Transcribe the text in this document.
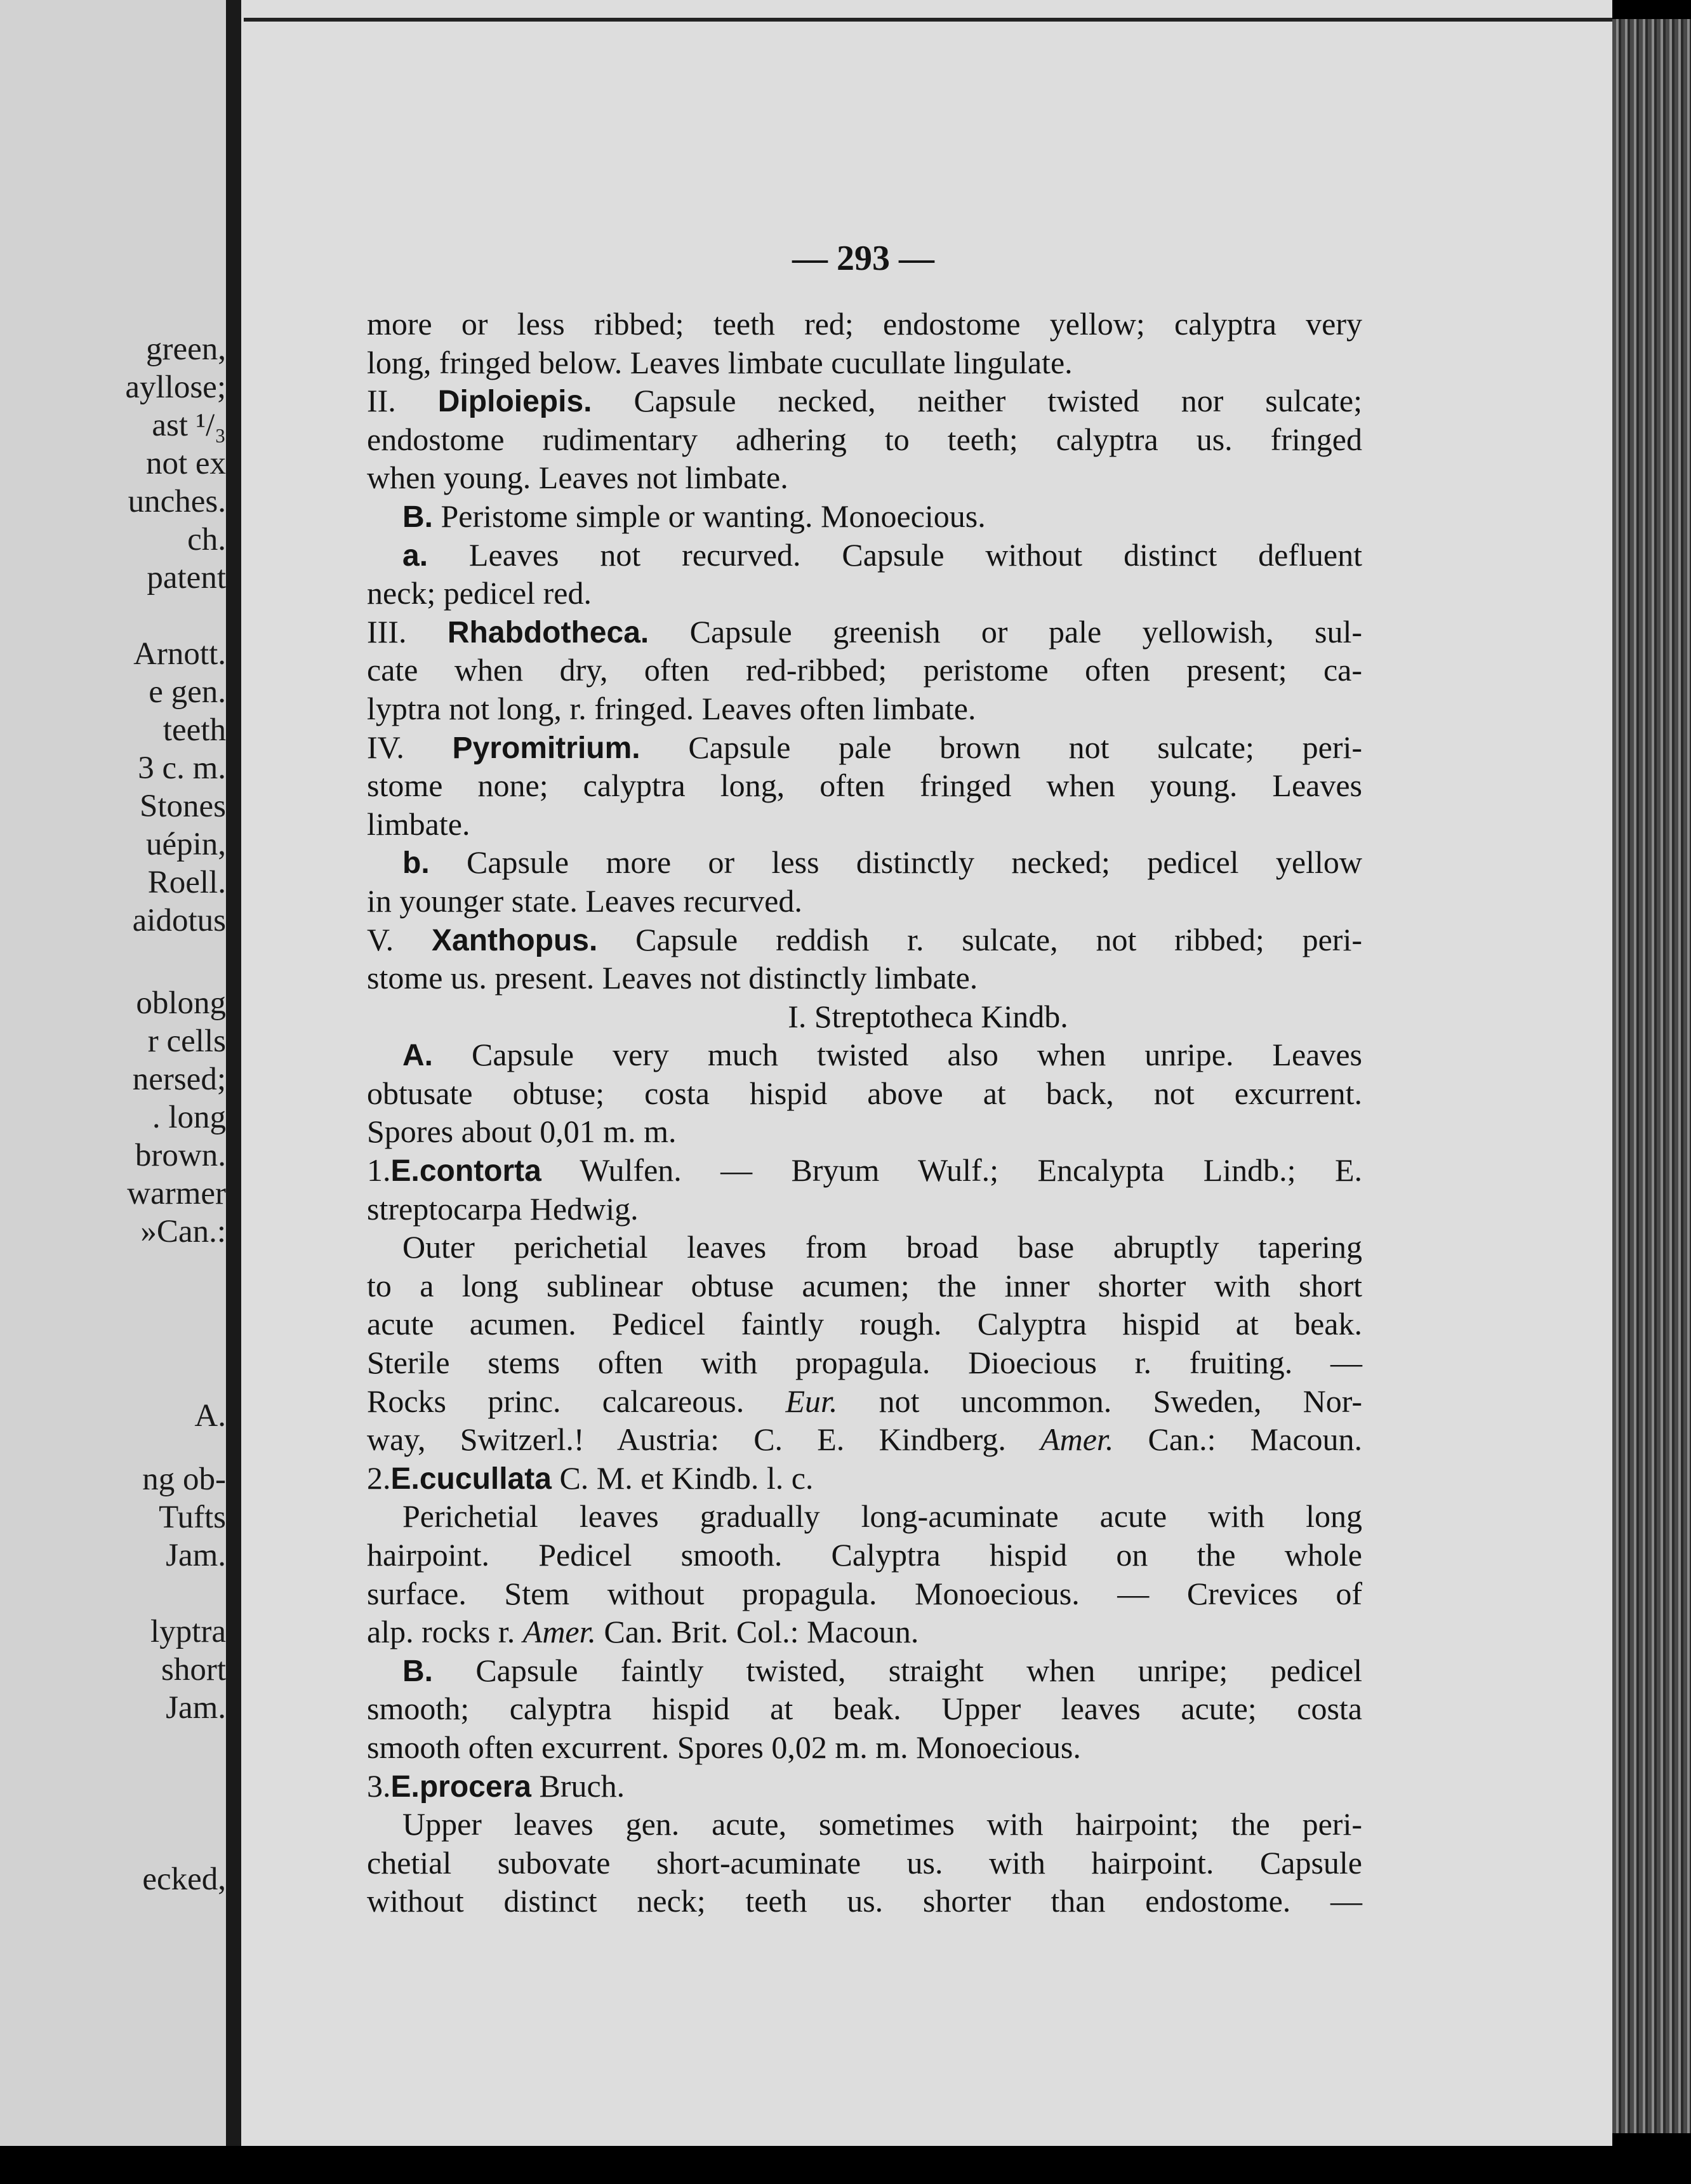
green,
ayllose;
ast ¹/₃
not ex
unches.
ch.
patent
Arnott.
e gen.
teeth
3 c. m.
Stones
uépin,
Roell.
aidotus
oblong
r cells
nersed;
. long
brown.
warmer
»Can.:
A.
ng ob-
Tufts
Jam.
lyptra
short
Jam.
ecked,
— 293 —
more or less ribbed; teeth red; endostome yellow; calyptra very
long, fringed below. Leaves limbate cucullate lingulate.
II. Diploiepis. Capsule necked, neither twisted nor sulcate;
endostome rudimentary adhering to teeth; calyptra us. fringed
when young. Leaves not limbate.
B. Peristome simple or wanting. Monoecious.
a. Leaves not recurved. Capsule without distinct defluent
neck; pedicel red.
III. Rhabdotheca. Capsule greenish or pale yellowish, sul-
cate when dry, often red-ribbed; peristome often present; ca-
lyptra not long, r. fringed. Leaves often limbate.
IV. Pyromitrium. Capsule pale brown not sulcate; peri-
stome none; calyptra long, often fringed when young. Leaves
limbate.
b. Capsule more or less distinctly necked; pedicel yellow
in younger state. Leaves recurved.
V. Xanthopus. Capsule reddish r. sulcate, not ribbed; peri-
stome us. present. Leaves not distinctly limbate.
I. Streptotheca Kindb.
A. Capsule very much twisted also when unripe. Leaves
obtusate obtuse; costa hispid above at back, not excurrent.
Spores about 0,01 m. m.
1.E.contorta Wulfen. — Bryum Wulf.; Encalypta Lindb.; E.
streptocarpa Hedwig.
Outer perichetial leaves from broad base abruptly tapering
to a long sublinear obtuse acumen; the inner shorter with short
acute acumen. Pedicel faintly rough. Calyptra hispid at beak.
Sterile stems often with propagula. Dioecious r. fruiting. —
Rocks princ. calcareous. Eur. not uncommon. Sweden, Nor-
way, Switzerl.! Austria: C. E. Kindberg. Amer. Can.: Macoun.
2.E.cucullata C. M. et Kindb. l. c.
Perichetial leaves gradually long-acuminate acute with long
hairpoint. Pedicel smooth. Calyptra hispid on the whole
surface. Stem without propagula. Monoecious. — Crevices of
alp. rocks r. Amer. Can. Brit. Col.: Macoun.
B. Capsule faintly twisted, straight when unripe; pedicel
smooth; calyptra hispid at beak. Upper leaves acute; costa
smooth often excurrent. Spores 0,02 m. m. Monoecious.
3.E.procera Bruch.
Upper leaves gen. acute, sometimes with hairpoint; the peri-
chetial subovate short-acuminate us. with hairpoint. Capsule
without distinct neck; teeth us. shorter than endostome. —
